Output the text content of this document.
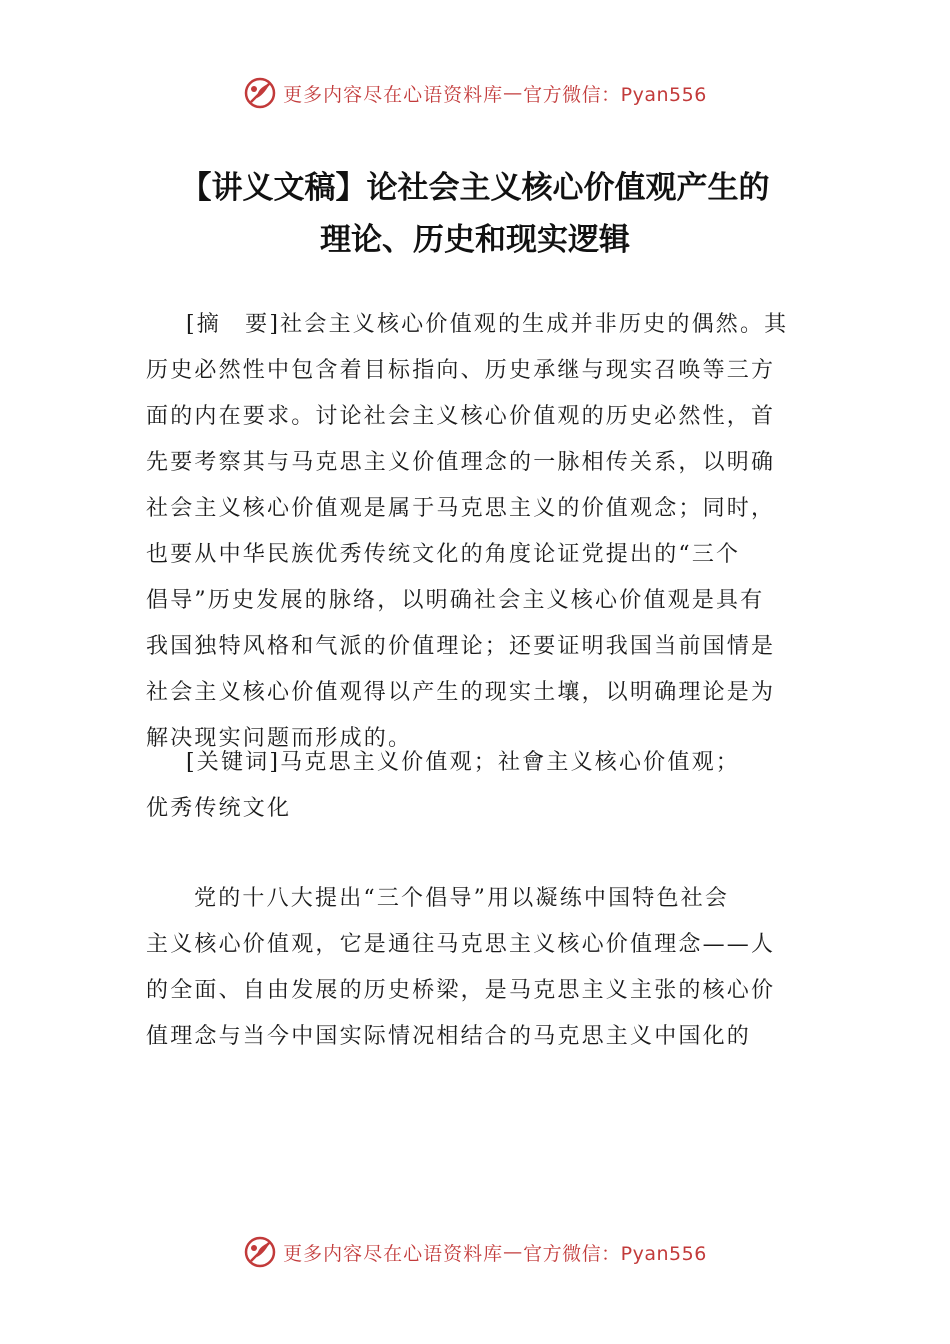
更多内容尽在心语资料库 — 官方微信：Pyan556
【讲义文稿】论社会主义核心价值观产生的
理论、历史和现实逻辑
[摘　要]社会主义核心价值观的生成并非历史的偶然。其
历史必然性中包含着目标指向、历史承继与现实召唤等三方
面的内在要求。讨论社会主义核心价值观的历史必然性，首
先要考察其与马克思主义价值理念的一脉相传关系，以明确
社会主义核心价值观是属于马克思主义的价值观念；同时，
也要从中华民族优秀传统文化的角度论证党提出的“三个
倡导”历史发展的脉络，以明确社会主义核心价值观是具有
我国独特风格和气派的价值理论；还要证明我国当前国情是
社会主义核心价值观得以产生的现实土壤，以明确理论是为
解决现实问题而形成的。
[关键词]马克思主义价值观；社會主义核心价值观；
优秀传统文化
党的十八大提出“三个倡导”用以凝练中国特色社会
主义核心价值观，它是通往马克思主义核心价值理念——人
的全面、自由发展的历史桥梁，是马克思主义主张的核心价
值理念与当今中国实际情况相结合的马克思主义中国化的
更多内容尽在心语资料库 — 官方微信：Pyan556
